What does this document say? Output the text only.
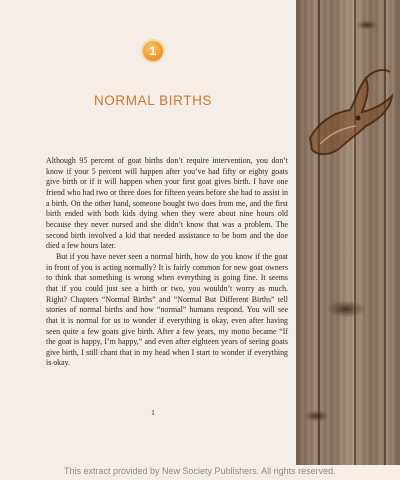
1
NORMAL BIRTHS

Although 95 percent of goat births don’t require intervention, you don’t know if your 5 percent will happen after you’ve had fifty or eighty goats give birth or if it will happen when your first goat gives birth. I have one friend who had two or three does for fifteen years before she had to assist in a birth. On the other hand, someone bought two does from me, and the first birth ended with both kids dying when they were about nine hours old because they never nursed and she didn’t know that was a problem. The second birth involved a kid that needed assistance to be born and the doe died a few hours later.

But if you have never seen a normal birth, how do you know if the goat in front of you is acting normally? It is fairly common for new goat owners to think that something is wrong when everything is going fine. It seems that if you could just see a birth or two, you wouldn’t worry as much. Right? Chapters “Normal Births” and “Normal But Different Births” tell stories of normal births and how “normal” humans respond. You will see that it is normal for us to wonder if everything is okay, even after having seen quite a few goats give birth. After a few years, my motto became “If the goat is happy, I’m happy,” and even after eighteen years of seeing goats give birth, I still chant that in my head when I start to wonder if everything is okay.

1
This extract provided by New Society Publishers. All rights reserved.
